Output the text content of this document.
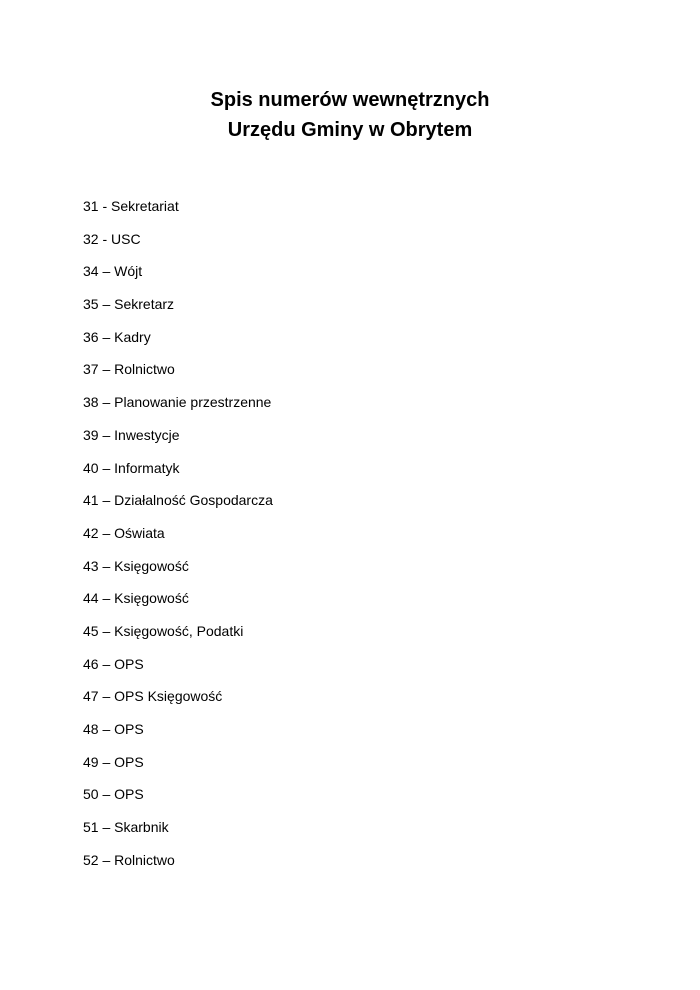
Spis numerów wewnętrznych
Urzędu Gminy w Obrytem
31 - Sekretariat
32 - USC
34 – Wójt
35 – Sekretarz
36 – Kadry
37 – Rolnictwo
38 – Planowanie przestrzenne
39 – Inwestycje
40 – Informatyk
41 – Działalność Gospodarcza
42 – Oświata
43 – Księgowość
44 – Księgowość
45 – Księgowość, Podatki
46 – OPS
47 – OPS Księgowość
48 – OPS
49 – OPS
50 – OPS
51 – Skarbnik
52 – Rolnictwo
